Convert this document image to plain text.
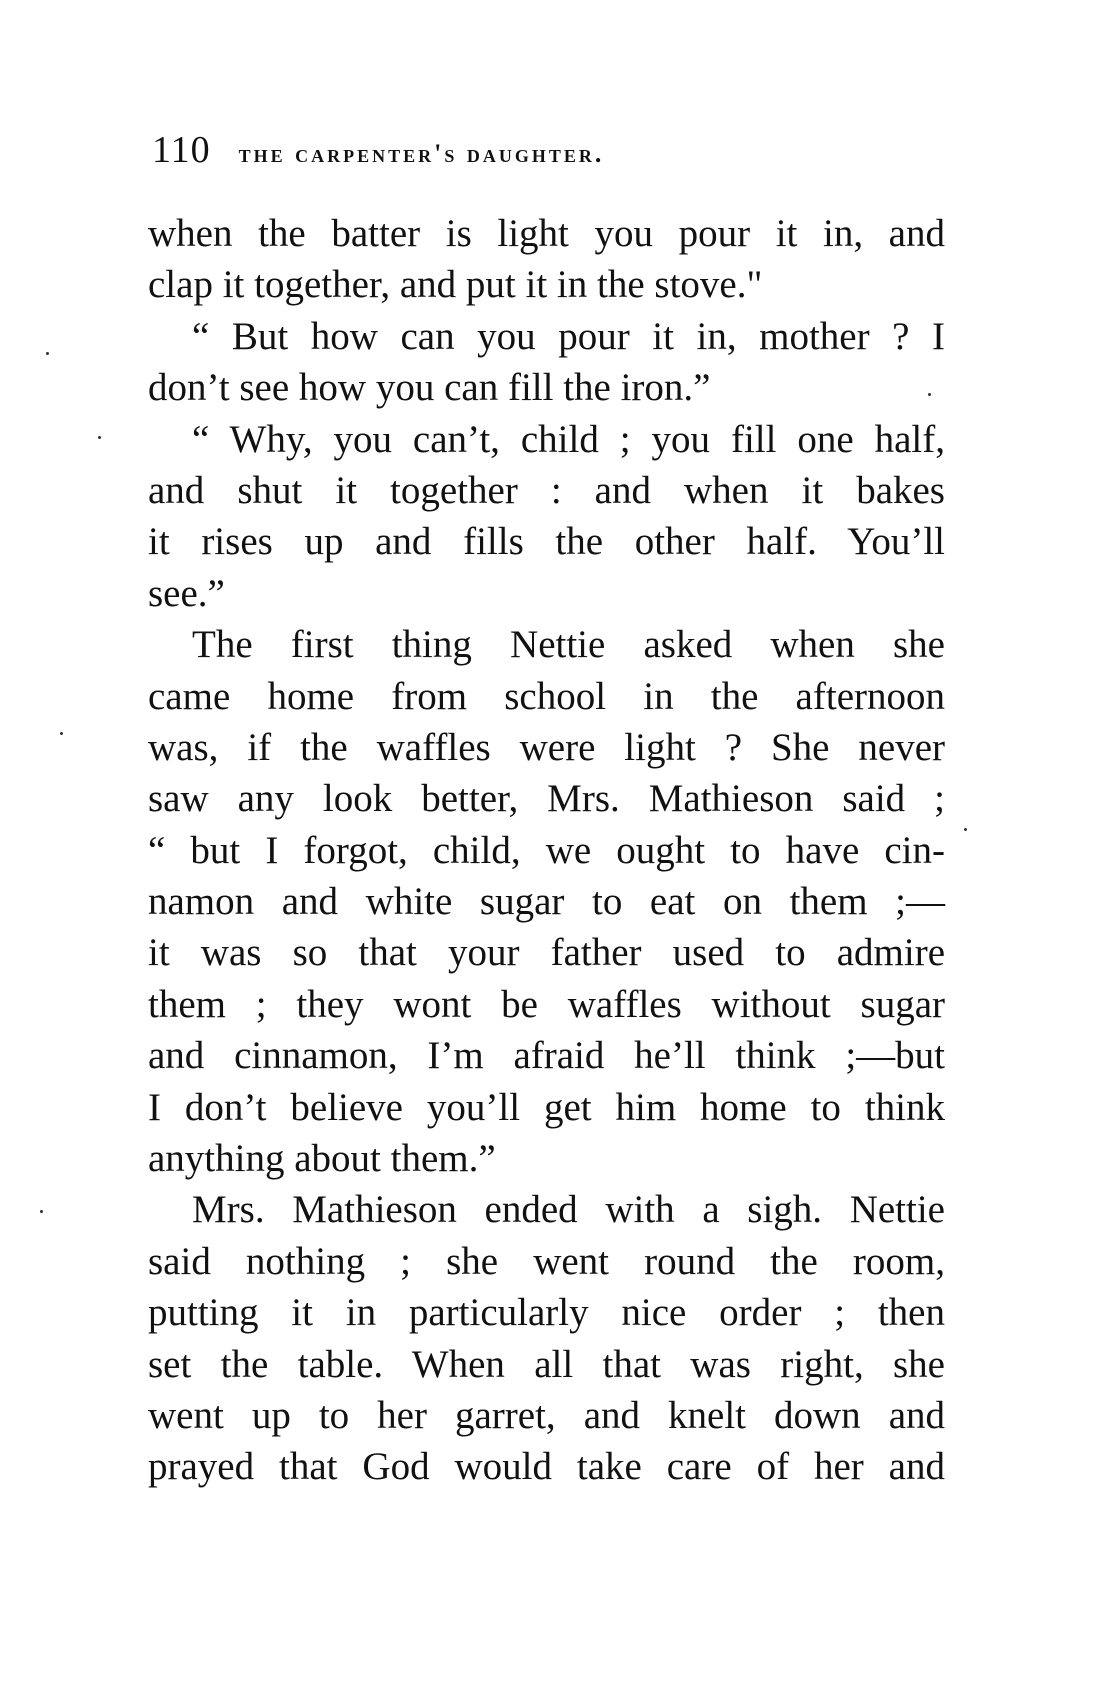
110 the carpenter's daughter.
when the batter is light you pour it in, and
clap it together, and put it in the stove."
“ But how can you pour it in, mother ? I
don’t see how you can fill the iron.”
“ Why, you can’t, child ; you fill one half,
and shut it together : and when it bakes
it rises up and fills the other half. You’ll
see.”
The first thing Nettie asked when she
came home from school in the afternoon
was, if the waffles were light ? She never
saw any look better, Mrs. Mathieson said ;
“ but I forgot, child, we ought to have cin-
namon and white sugar to eat on them ;—
it was so that your father used to admire
them ; they wont be waffles without sugar
and cinnamon, I’m afraid he’ll think ;—but
I don’t believe you’ll get him home to think
anything about them.”
Mrs. Mathieson ended with a sigh. Nettie
said nothing ; she went round the room,
putting it in particularly nice order ; then
set the table. When all that was right, she
went up to her garret, and knelt down and
prayed that God would take care of her and
